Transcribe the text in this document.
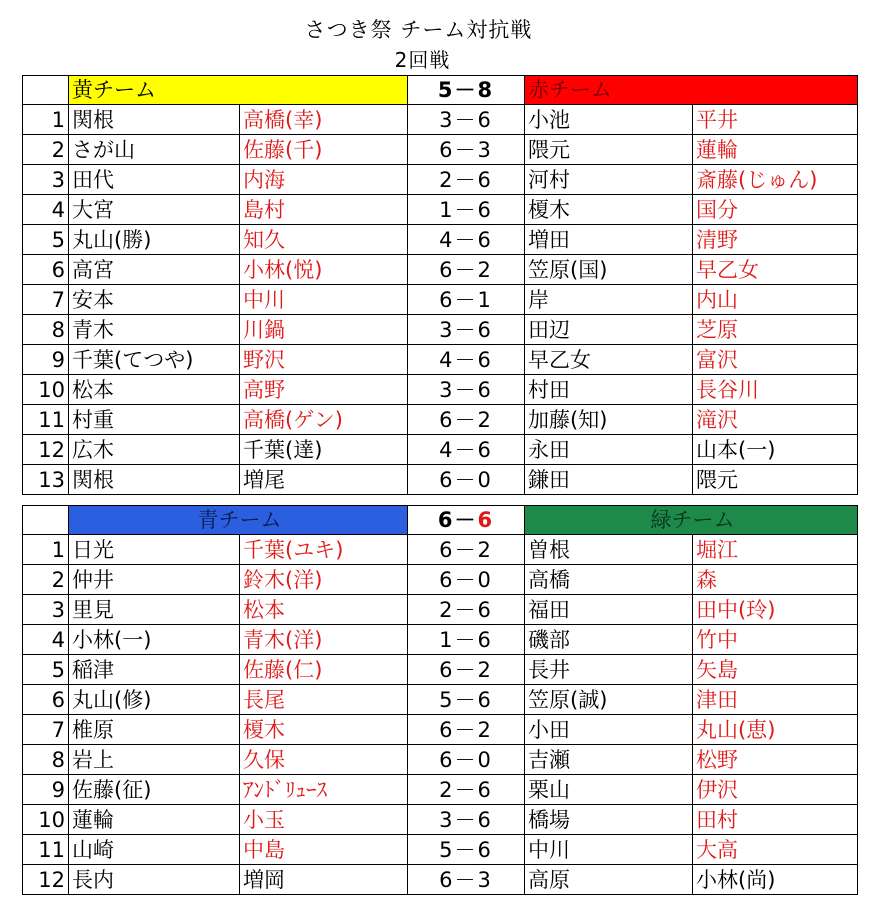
さつき祭 チーム対抗戦
2回戦
	黄チーム		5－8	赤チーム	
1	関根	高橋(幸)	3－6	小池	平井
2	さが山	佐藤(千)	6－3	隈元	蓮輪
3	田代	内海	2－6	河村	斎藤(じゅん)
4	大宮	島村	1－6	榎木	国分
5	丸山(勝)	知久	4－6	増田	清野
6	高宮	小林(悦)	6－2	笠原(国)	早乙女
7	安本	中川	6－1	岸	内山
8	青木	川鍋	3－6	田辺	芝原
9	千葉(てつや)	野沢	4－6	早乙女	富沢
10	松本	高野	3－6	村田	長谷川
11	村重	高橋(ゲン)	6－2	加藤(知)	滝沢
12	広木	千葉(達)	4－6	永田	山本(一)
13	関根	増尾	6－0	鎌田	隈元
	青チーム		6－6	緑チーム	
1	日光	千葉(ユキ)	6－2	曽根	堀江
2	仲井	鈴木(洋)	6－0	高橋	森
3	里見	松本	2－6	福田	田中(玲)
4	小林(一)	青木(洋)	1－6	磯部	竹中
5	稲津	佐藤(仁)	6－2	長井	矢島
6	丸山(修)	長尾	5－6	笠原(誠)	津田
7	椎原	榎木	6－2	小田	丸山(恵)
8	岩上	久保	6－0	吉瀬	松野
9	佐藤(征)	ｱﾝﾄﾞﾘｭｰｽ	2－6	栗山	伊沢
10	蓮輪	小玉	3－6	橋場	田村
11	山崎	中島	5－6	中川	大高
12	長内	増岡	6－3	高原	小林(尚)
